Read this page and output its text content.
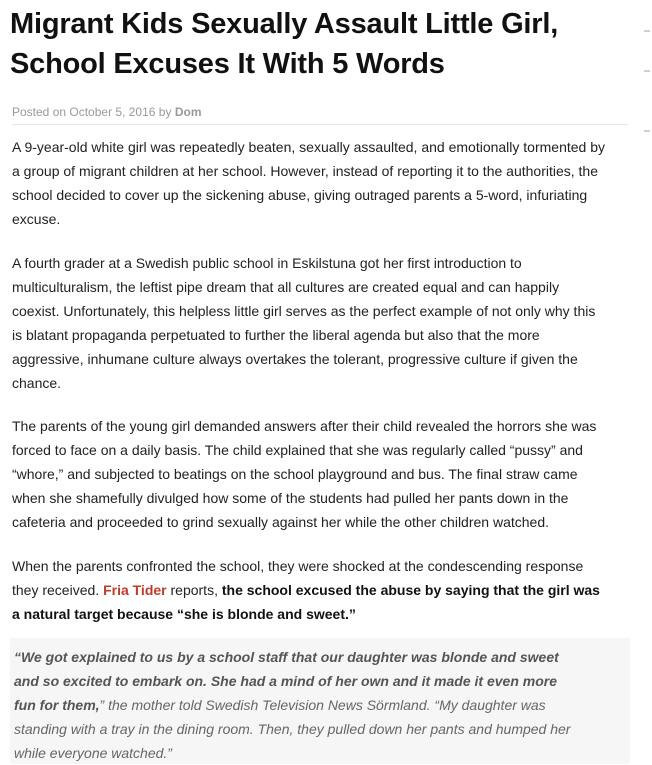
Migrant Kids Sexually Assault Little Girl,
School Excuses It With 5 Words
Posted on October 5, 2016 by Dom

A 9-year-old white girl was repeatedly beaten, sexually assaulted, and emotionally tormented by
a group of migrant children at her school. However, instead of reporting it to the authorities, the
school decided to cover up the sickening abuse, giving outraged parents a 5-word, infuriating
excuse.

A fourth grader at a Swedish public school in Eskilstuna got her first introduction to
multiculturalism, the leftist pipe dream that all cultures are created equal and can happily
coexist. Unfortunately, this helpless little girl serves as the perfect example of not only why this
is blatant propaganda perpetuated to further the liberal agenda but also that the more
aggressive, inhumane culture always overtakes the tolerant, progressive culture if given the
chance.

The parents of the young girl demanded answers after their child revealed the horrors she was
forced to face on a daily basis. The child explained that she was regularly called “pussy” and
“whore,” and subjected to beatings on the school playground and bus. The final straw came
when she shamefully divulged how some of the students had pulled her pants down in the
cafeteria and proceeded to grind sexually against her while the other children watched.

When the parents confronted the school, they were shocked at the condescending response
they received. Fria Tider reports, the school excused the abuse by saying that the girl was
a natural target because “she is blonde and sweet.”

“We got explained to us by a school staff that our daughter was blonde and sweet
and so excited to embark on. She had a mind of her own and it made it even more
fun for them,” the mother told Swedish Television News Sörmland. “My daughter was
standing with a tray in the dining room. Then, they pulled down her pants and humped her
while everyone watched.”
